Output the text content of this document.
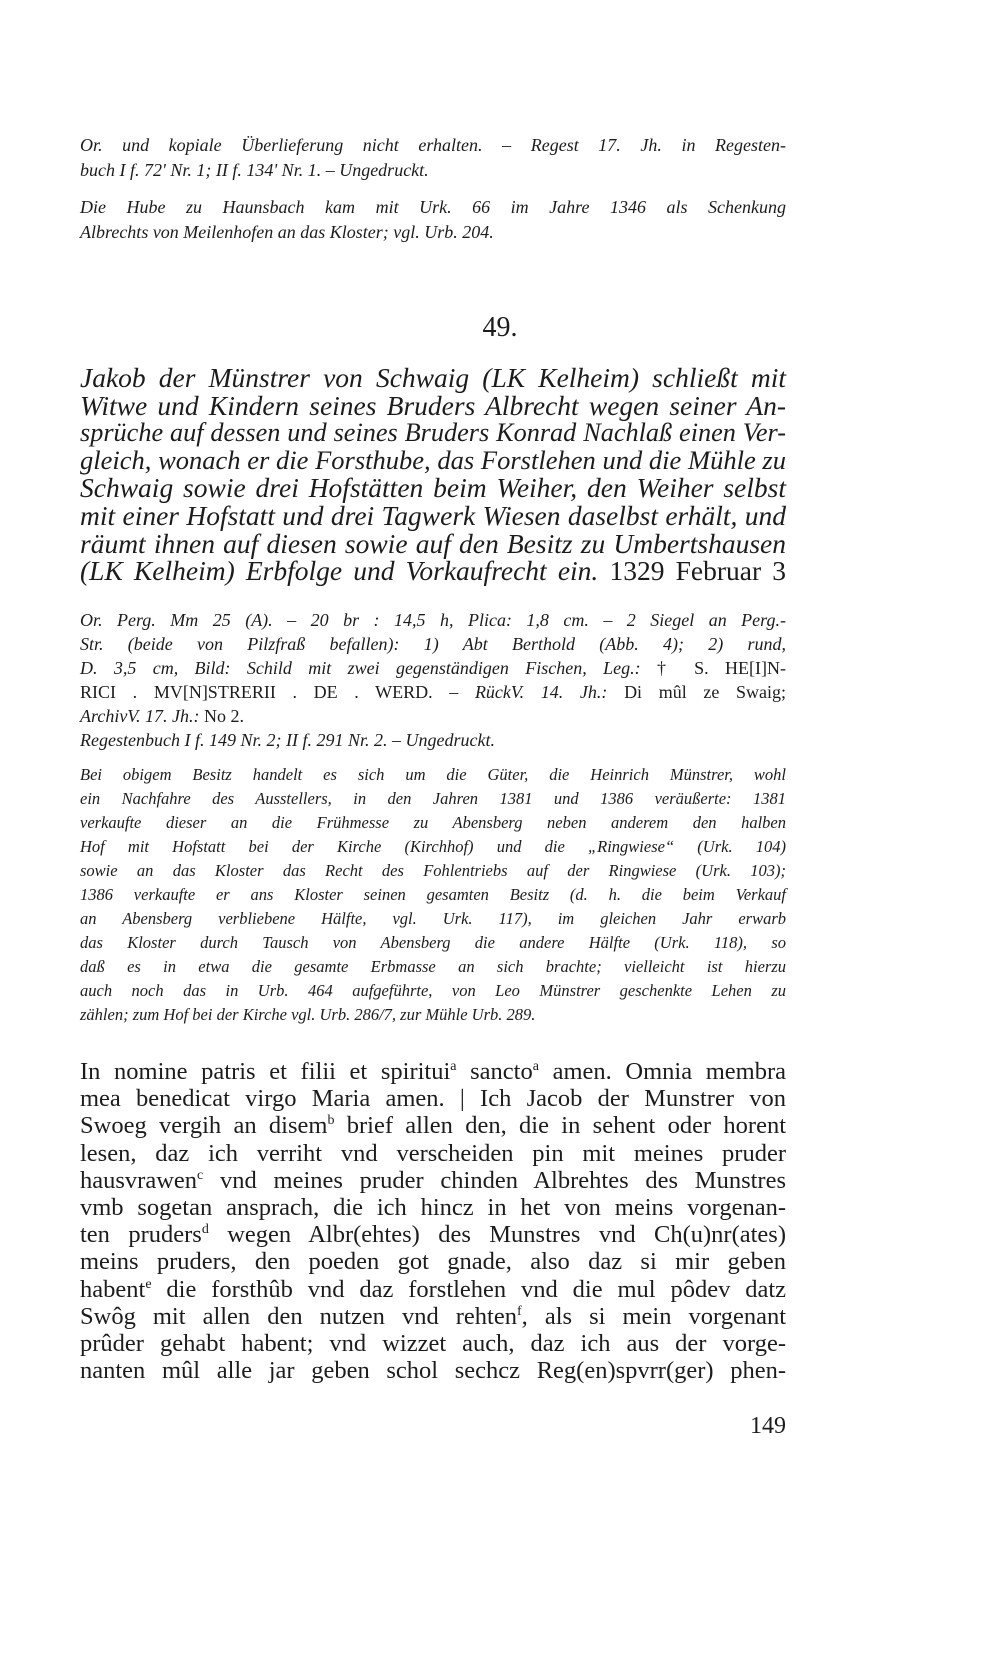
Or. und kopiale Überlieferung nicht erhalten. – Regest 17. Jh. in Regesten-
buch I f. 72' Nr. 1; II f. 134' Nr. 1. – Ungedruckt.
Die Hube zu Haunsbach kam mit Urk. 66 im Jahre 1346 als Schenkung
Albrechts von Meilenhofen an das Kloster; vgl. Urb. 204.
49.
Jakob der Münstrer von Schwaig (LK Kelheim) schließt mit
Witwe und Kindern seines Bruders Albrecht wegen seiner An-
sprüche auf dessen und seines Bruders Konrad Nachlaß einen Ver-
gleich, wonach er die Forsthube, das Forstlehen und die Mühle zu
Schwaig sowie drei Hofstätten beim Weiher, den Weiher selbst
mit einer Hofstatt und drei Tagwerk Wiesen daselbst erhält, und
räumt ihnen auf diesen sowie auf den Besitz zu Umbertshausen
(LK Kelheim) Erbfolge und Vorkaufrecht ein. 1329 Februar 3
Or. Perg. Mm 25 (A). – 20 br : 14,5 h, Plica: 1,8 cm. – 2 Siegel an Perg.-
Str. (beide von Pilzfraß befallen): 1) Abt Berthold (Abb. 4); 2) rund,
D. 3,5 cm, Bild: Schild mit zwei gegenständigen Fischen, Leg.: † S. HE[I]N-
RICI . MV[N]STRERII . DE . WERD. – RückV. 14. Jh.: Di mûl ze Swaig;
ArchivV. 17. Jh.: No 2.
Regestenbuch I f. 149 Nr. 2; II f. 291 Nr. 2. – Ungedruckt.
Bei obigem Besitz handelt es sich um die Güter, die Heinrich Münstrer, wohl
ein Nachfahre des Ausstellers, in den Jahren 1381 und 1386 veräußerte: 1381
verkaufte dieser an die Frühmesse zu Abensberg neben anderem den halben
Hof mit Hofstatt bei der Kirche (Kirchhof) und die „Ringwiese“ (Urk. 104)
sowie an das Kloster das Recht des Fohlentriebs auf der Ringwiese (Urk. 103);
1386 verkaufte er ans Kloster seinen gesamten Besitz (d. h. die beim Verkauf
an Abensberg verbliebene Hälfte, vgl. Urk. 117), im gleichen Jahr erwarb
das Kloster durch Tausch von Abensberg die andere Hälfte (Urk. 118), so
daß es in etwa die gesamte Erbmasse an sich brachte; vielleicht ist hierzu
auch noch das in Urb. 464 aufgeführte, von Leo Münstrer geschenkte Lehen zu
zählen; zum Hof bei der Kirche vgl. Urb. 286/7, zur Mühle Urb. 289.
In nomine patris et filii et spiritui$^a$ sancto$^a$ amen. Omnia membra
mea benedicat virgo Maria amen. | Ich Jacob der Munstrer von
Swoeg vergih an disem$^b$ brief allen den, die in sehent oder horent
lesen, daz ich verriht vnd verscheiden pin mit meines pruder
hausvrawen$^c$ vnd meines pruder chinden Albrehtes des Munstres
vmb sogetan ansprach, die ich hincz in het von meins vorgenan-
ten pruders$^d$ wegen Albr(ehtes) des Munstres vnd Ch(u)nr(ates)
meins pruders, den poeden got gnade, also daz si mir geben
habent$^e$ die forsthûb vnd daz forstlehen vnd die mul pôdev datz
Swôg mit allen den nutzen vnd rehten$^f$, als si mein vorgenant
prûder gehabt habent; vnd wizzet auch, daz ich aus der vorge-
nanten mûl alle jar geben schol sechcz Reg(en)spvrr(ger) phen-
149
